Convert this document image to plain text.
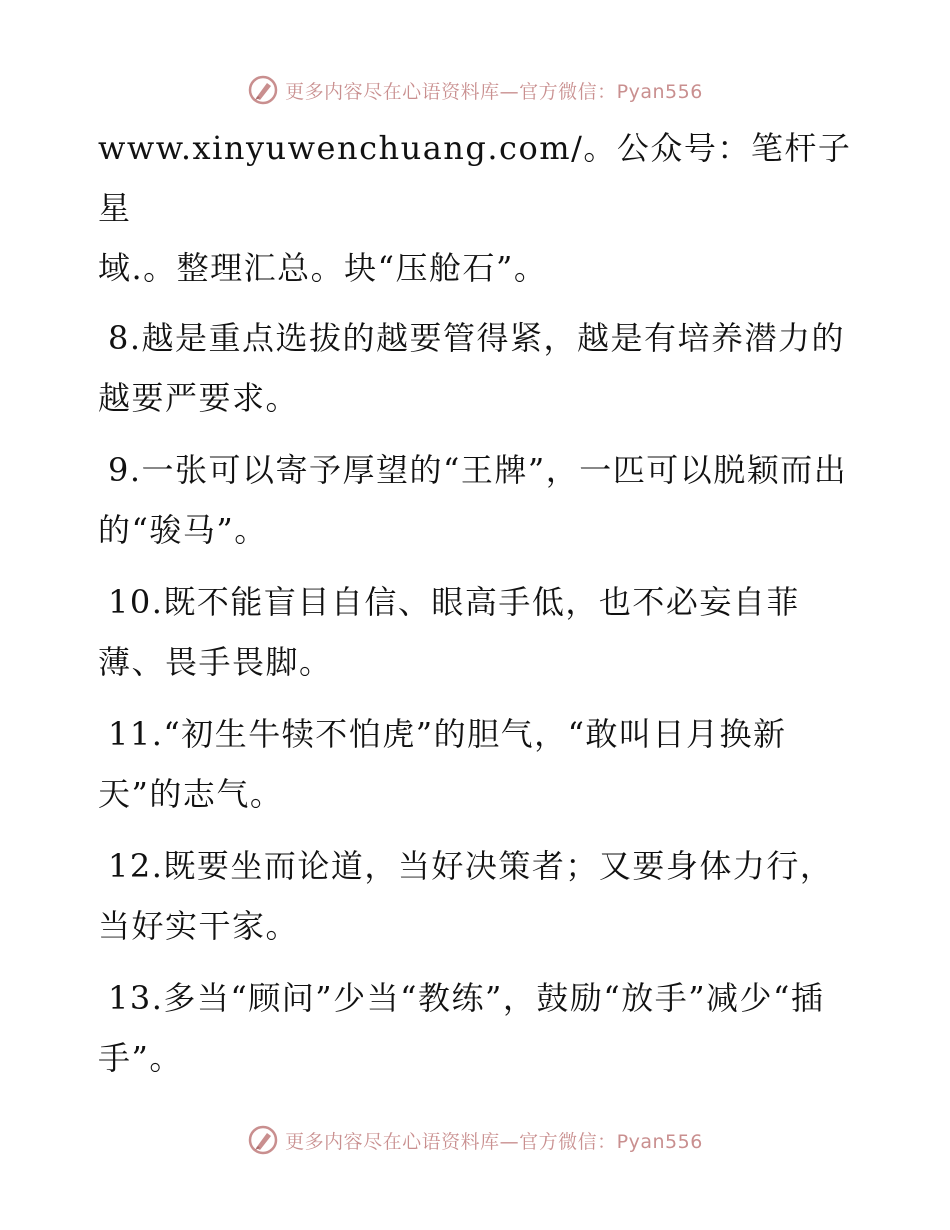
更多内容尽在心语资料库—官方微信：Pyan556

www.xinyuwenchuang.com/。公众号：笔杆子星
域.。整理汇总。块“压舱石”。

8.越是重点选拔的越要管得紧，越是有培养潜力的越要严要求。

9.一张可以寄予厚望的“王牌”，一匹可以脱颖而出的“骏马”。

10.既不能盲目自信、眼高手低，也不必妄自菲薄、畏手畏脚。

11.“初生牛犊不怕虎”的胆气，“敢叫日月换新天”的志气。

12.既要坐而论道，当好决策者；又要身体力行，当好实干家。

13.多当“顾问”少当“教练”，鼓励“放手”减少“插手”。

更多内容尽在心语资料库—官方微信：Pyan556
